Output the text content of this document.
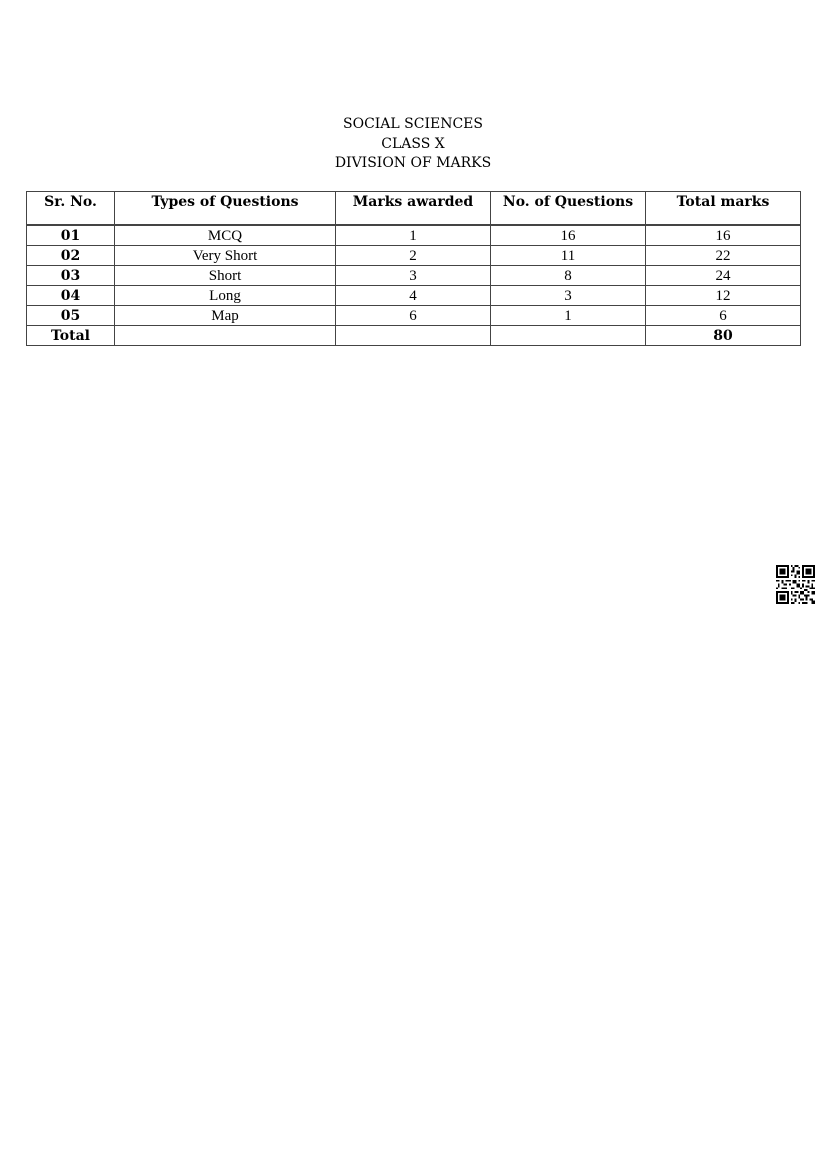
SOCIAL SCIENCES
CLASS X
DIVISION OF MARKS
Sr. No.	Types of Questions	Marks awarded	No. of Questions	Total marks

01	MCQ	1	16	16
02	Very Short	2	11	22
03	Short	3	8	24
04	Long	4	3	12
05	Map	6	1	6
Total				80
